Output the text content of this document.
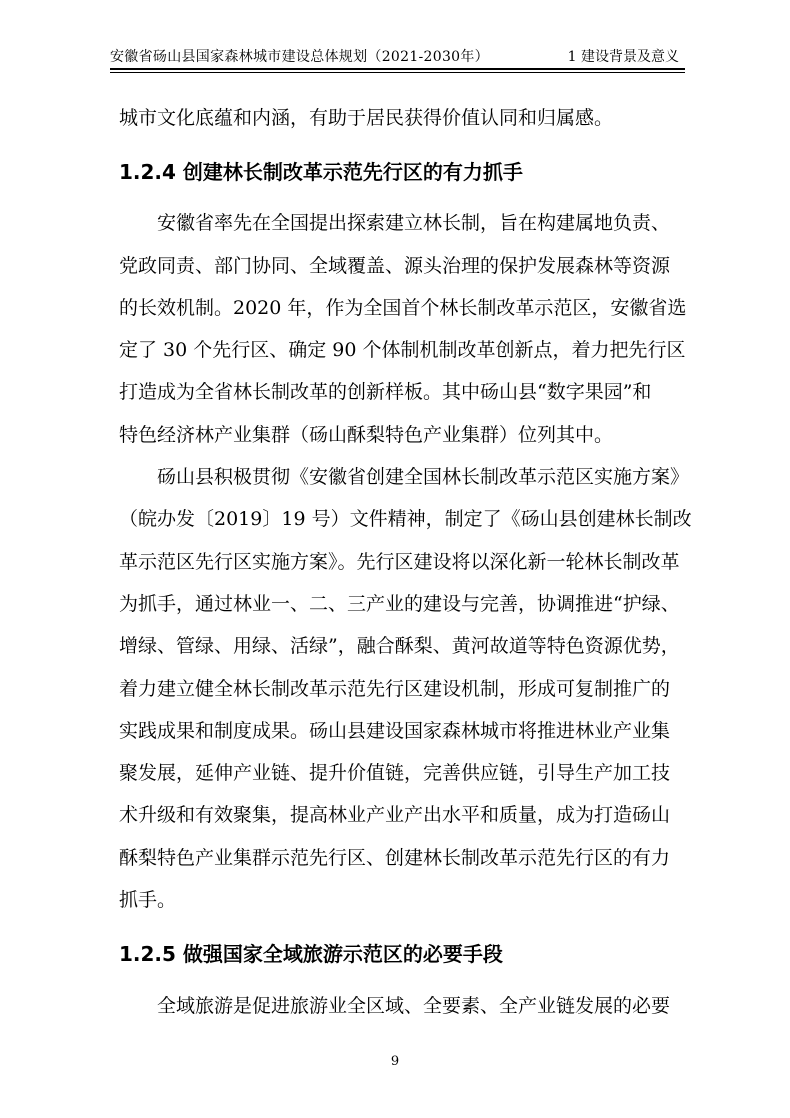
安徽省砀山县国家森林城市建设总体规划（2021-2030年）	1 建设背景及意义
城市文化底蕴和内涵，有助于居民获得价值认同和归属感。
1.2.4 创建林长制改革示范先行区的有力抓手
安徽省率先在全国提出探索建立林长制，旨在构建属地负责、
党政同责、部门协同、全域覆盖、源头治理的保护发展森林等资源
的长效机制。2020 年，作为全国首个林长制改革示范区，安徽省选
定了 30 个先行区、确定 90 个体制机制改革创新点，着力把先行区
打造成为全省林长制改革的创新样板。其中砀山县“数字果园”和
特色经济林产业集群（砀山酥梨特色产业集群）位列其中。
砀山县积极贯彻《安徽省创建全国林长制改革示范区实施方案》
（皖办发〔2019〕19 号）文件精神，制定了《砀山县创建林长制改
革示范区先行区实施方案》。先行区建设将以深化新一轮林长制改革
为抓手，通过林业一、二、三产业的建设与完善，协调推进“护绿、
增绿、管绿、用绿、活绿”，融合酥梨、黄河故道等特色资源优势，
着力建立健全林长制改革示范先行区建设机制，形成可复制推广的
实践成果和制度成果。砀山县建设国家森林城市将推进林业产业集
聚发展，延伸产业链、提升价值链，完善供应链，引导生产加工技
术升级和有效聚集，提高林业产业产出水平和质量，成为打造砀山
酥梨特色产业集群示范先行区、创建林长制改革示范先行区的有力
抓手。
1.2.5 做强国家全域旅游示范区的必要手段
全域旅游是促进旅游业全区域、全要素、全产业链发展的必要
9
